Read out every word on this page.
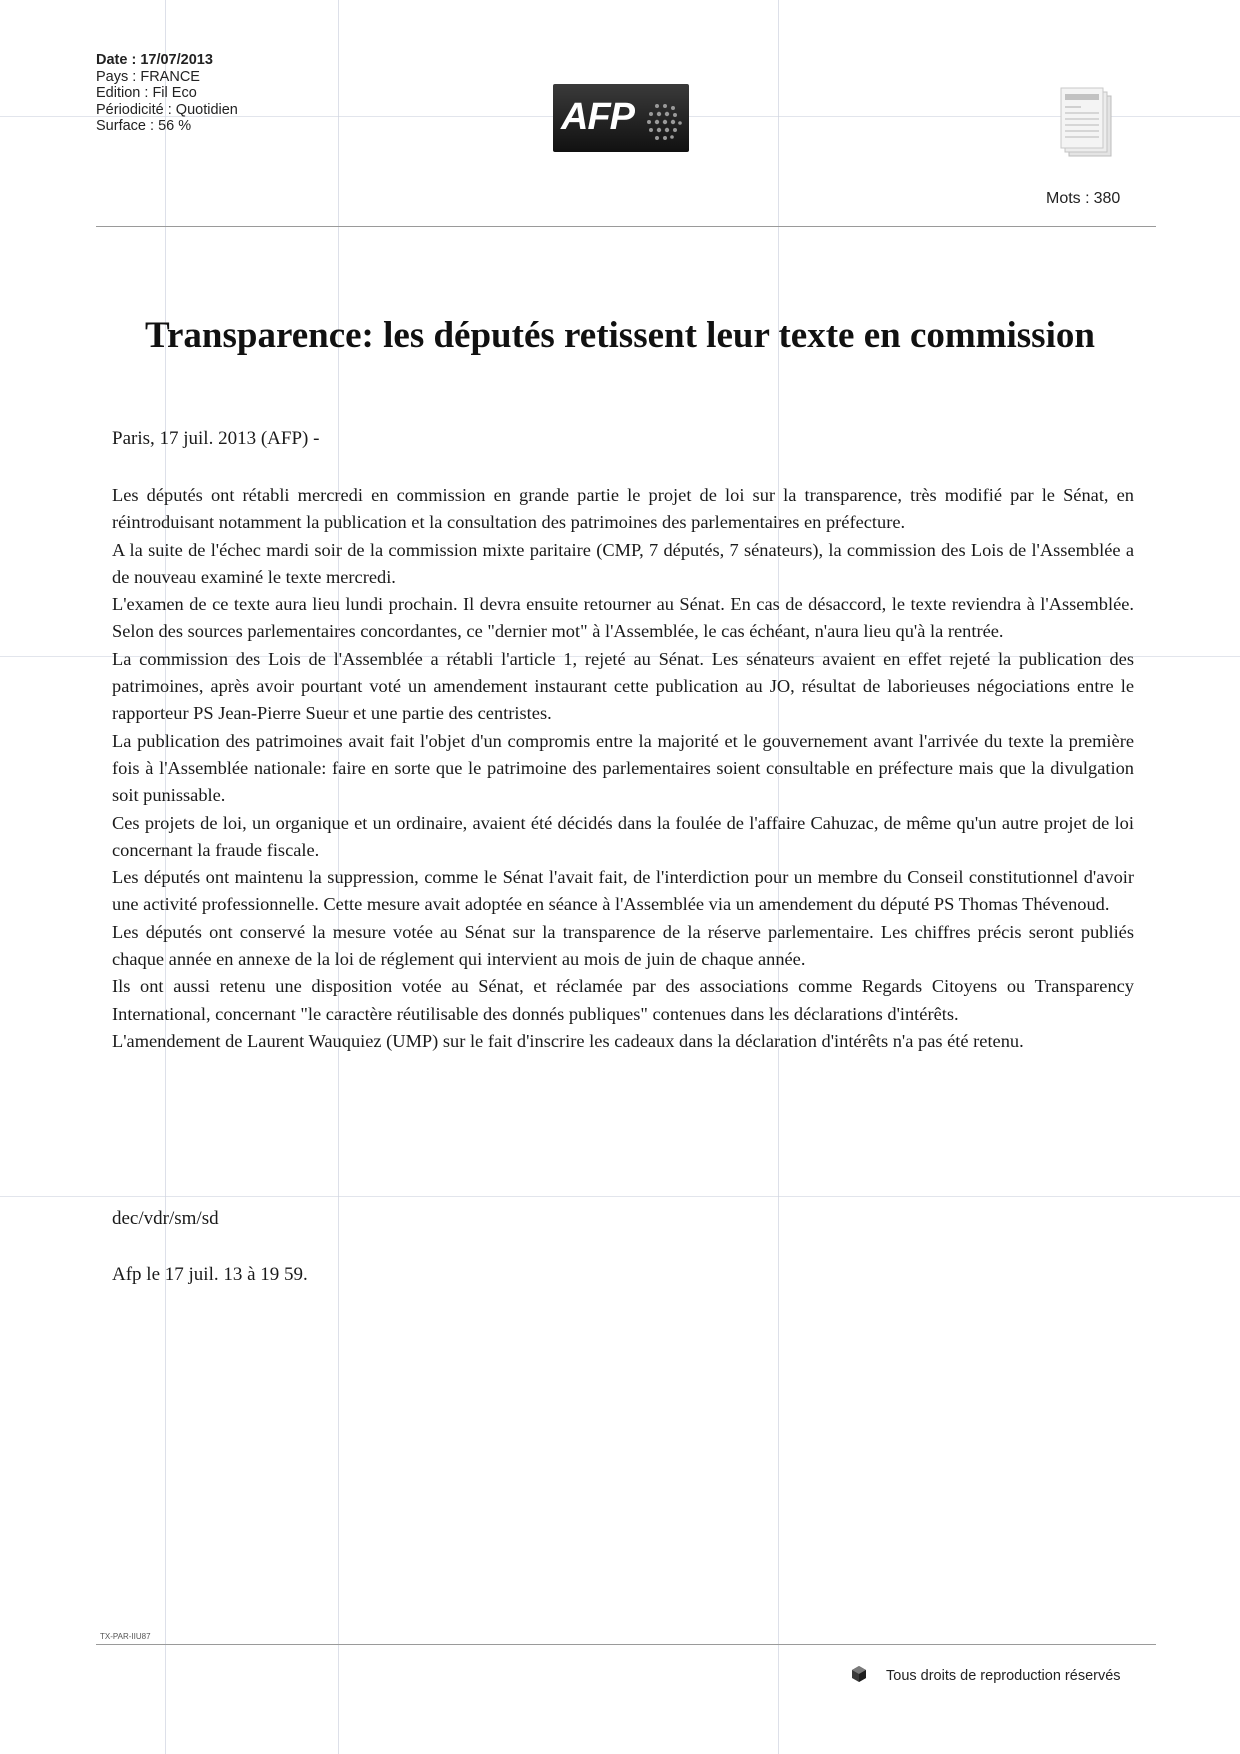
Date : 17/07/2013
Pays : FRANCE
Edition : Fil Eco
Périodicité : Quotidien
Surface : 56 %	AFP
Mots : 380
Transparence: les députés retissent leur texte en commission
Paris, 17 juil. 2013 (AFP) -

Les députés ont rétabli mercredi en commission en grande partie le projet de loi sur la transparence, très modifié par le Sénat, en réintroduisant notamment la publication et la consultation des patrimoines des parlementaires en préfecture.

A la suite de l'échec mardi soir de la commission mixte paritaire (CMP, 7 députés, 7 sénateurs), la commission des Lois de l'Assemblée a de nouveau examiné le texte mercredi.

L'examen de ce texte aura lieu lundi prochain. Il devra ensuite retourner au Sénat. En cas de désaccord, le texte reviendra à l'Assemblée. Selon des sources parlementaires concordantes, ce "dernier mot" à l'Assemblée, le cas échéant, n'aura lieu qu'à la rentrée.

La commission des Lois de l'Assemblée a rétabli l'article 1, rejeté au Sénat. Les sénateurs avaient en effet rejeté la publication des patrimoines, après avoir pourtant voté un amendement instaurant cette publication au JO, résultat de laborieuses négociations entre le rapporteur PS Jean-Pierre Sueur et une partie des centristes.

La publication des patrimoines avait fait l'objet d'un compromis entre la majorité et le gouvernement avant l'arrivée du texte la première fois à l'Assemblée nationale: faire en sorte que le patrimoine des parlementaires soient consultable en préfecture mais que la divulgation soit punissable.

Ces projets de loi, un organique et un ordinaire, avaient été décidés dans la foulée de l'affaire Cahuzac, de même qu'un autre projet de loi concernant la fraude fiscale.

Les députés ont maintenu la suppression, comme le Sénat l'avait fait, de l'interdiction pour un membre du Conseil constitutionnel d'avoir une activité professionnelle. Cette mesure avait adoptée en séance à l'Assemblée via un amendement du député PS Thomas Thévenoud.

Les députés ont conservé la mesure votée au Sénat sur la transparence de la réserve parlementaire. Les chiffres précis seront publiés chaque année en annexe de la loi de réglement qui intervient au mois de juin de chaque année.

Ils ont aussi retenu une disposition votée au Sénat, et réclamée par des associations comme Regards Citoyens ou Transparency International, concernant "le caractère réutilisable des donnés publiques" contenues dans les déclarations d'intérêts.

L'amendement de Laurent Wauquiez (UMP) sur le fait d'inscrire les cadeaux dans la déclaration d'intérêts n'a pas été retenu.

dec/vdr/sm/sd
Afp le 17 juil. 13 à 19 59.
TX-PAR-IIU87
Tous droits de reproduction réservés
